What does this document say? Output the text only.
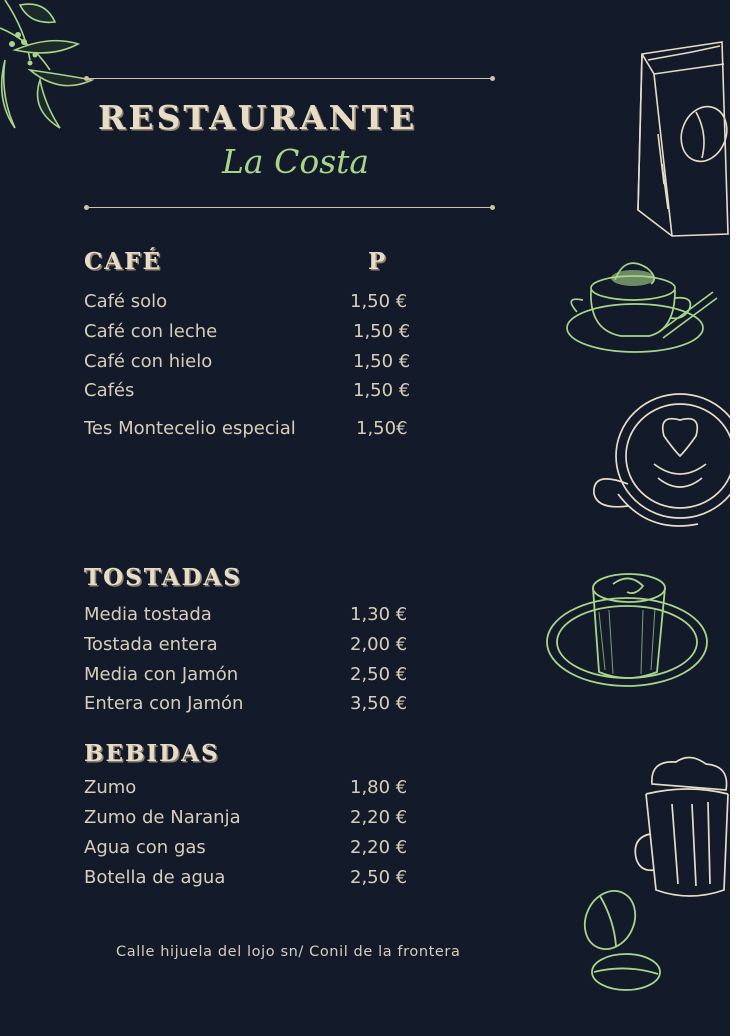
RESTAURANTE
La Costa
CAFÉ	P
Café solo	1,50 €
Café con leche	1,50 €
Café con hielo	1,50 €
Cafés	1,50 €
Tes Montecelio especial	1,50€
TOSTADAS
Media tostada	1,30 €
Tostada entera	2,00 €
Media con Jamón	2,50 €
Entera con Jamón	3,50 €
BEBIDAS
Zumo	1,80 €
Zumo de Naranja	2,20 €
Agua con gas	2,20 €
Botella de agua	2,50 €
Calle hijuela del lojo sn/ Conil de la frontera
